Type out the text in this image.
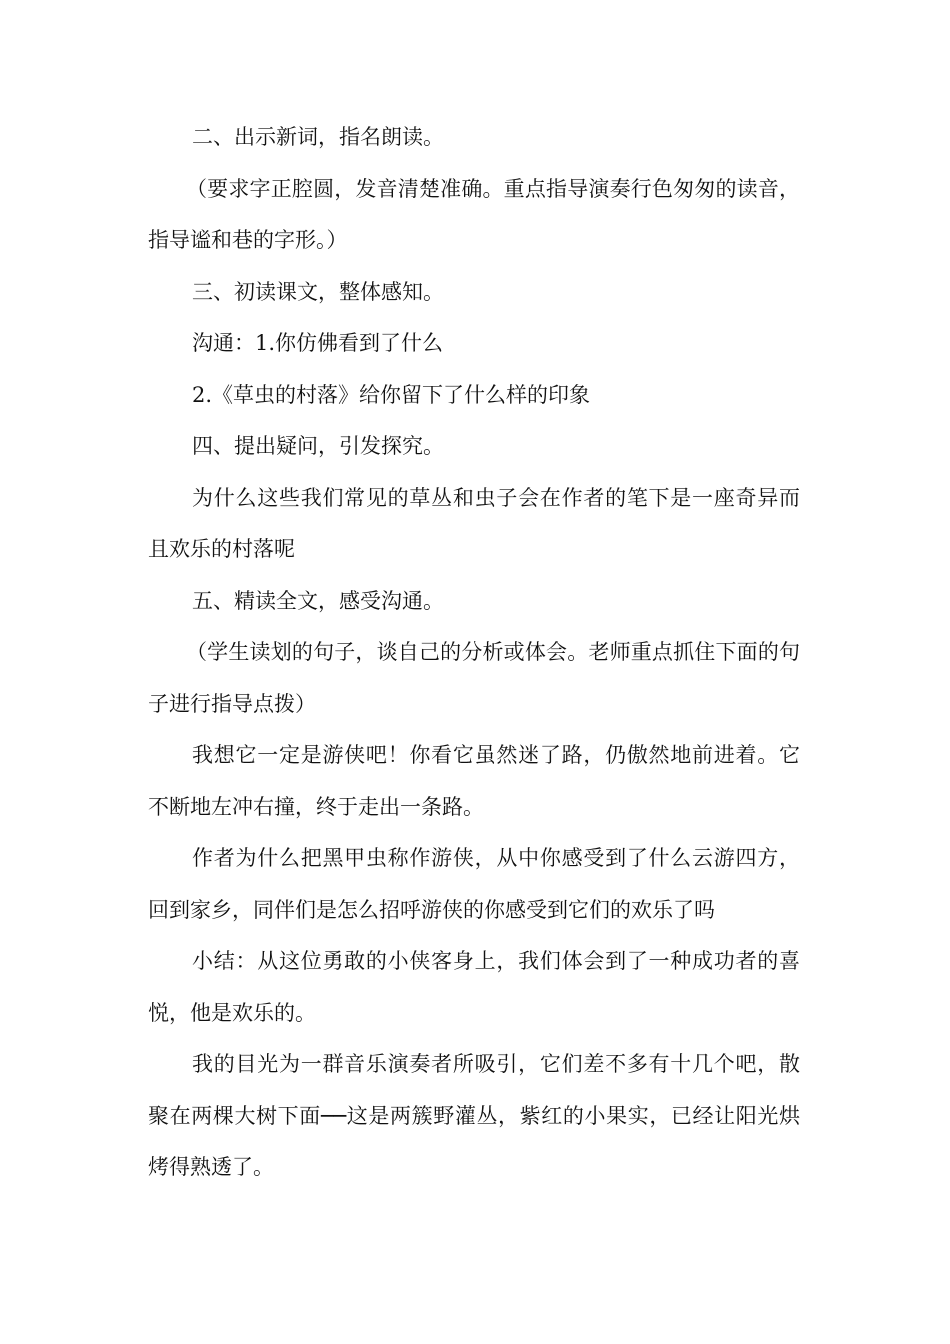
二、出示新词，指名朗读。

（要求字正腔圆，发音清楚准确。重点指导演奏行色匆匆的读音，指导谧和巷的字形。）

三、初读课文，整体感知。

沟通：1.你仿佛看到了什么

2.《草虫的村落》给你留下了什么样的印象

四、提出疑问，引发探究。

为什么这些我们常见的草丛和虫子会在作者的笔下是一座奇异而且欢乐的村落呢

五、精读全文，感受沟通。

（学生读划的句子，谈自己的分析或体会。老师重点抓住下面的句子进行指导点拨）

我想它一定是游侠吧！你看它虽然迷了路，仍傲然地前进着。它不断地左冲右撞，终于走出一条路。

作者为什么把黑甲虫称作游侠，从中你感受到了什么云游四方，回到家乡，同伴们是怎么招呼游侠的你感受到它们的欢乐了吗

小结：从这位勇敢的小侠客身上，我们体会到了一种成功者的喜悦，他是欢乐的。

我的目光为一群音乐演奏者所吸引，它们差不多有十几个吧，散聚在两棵大树下面──这是两簇野灌丛，紫红的小果实，已经让阳光烘烤得熟透了。
